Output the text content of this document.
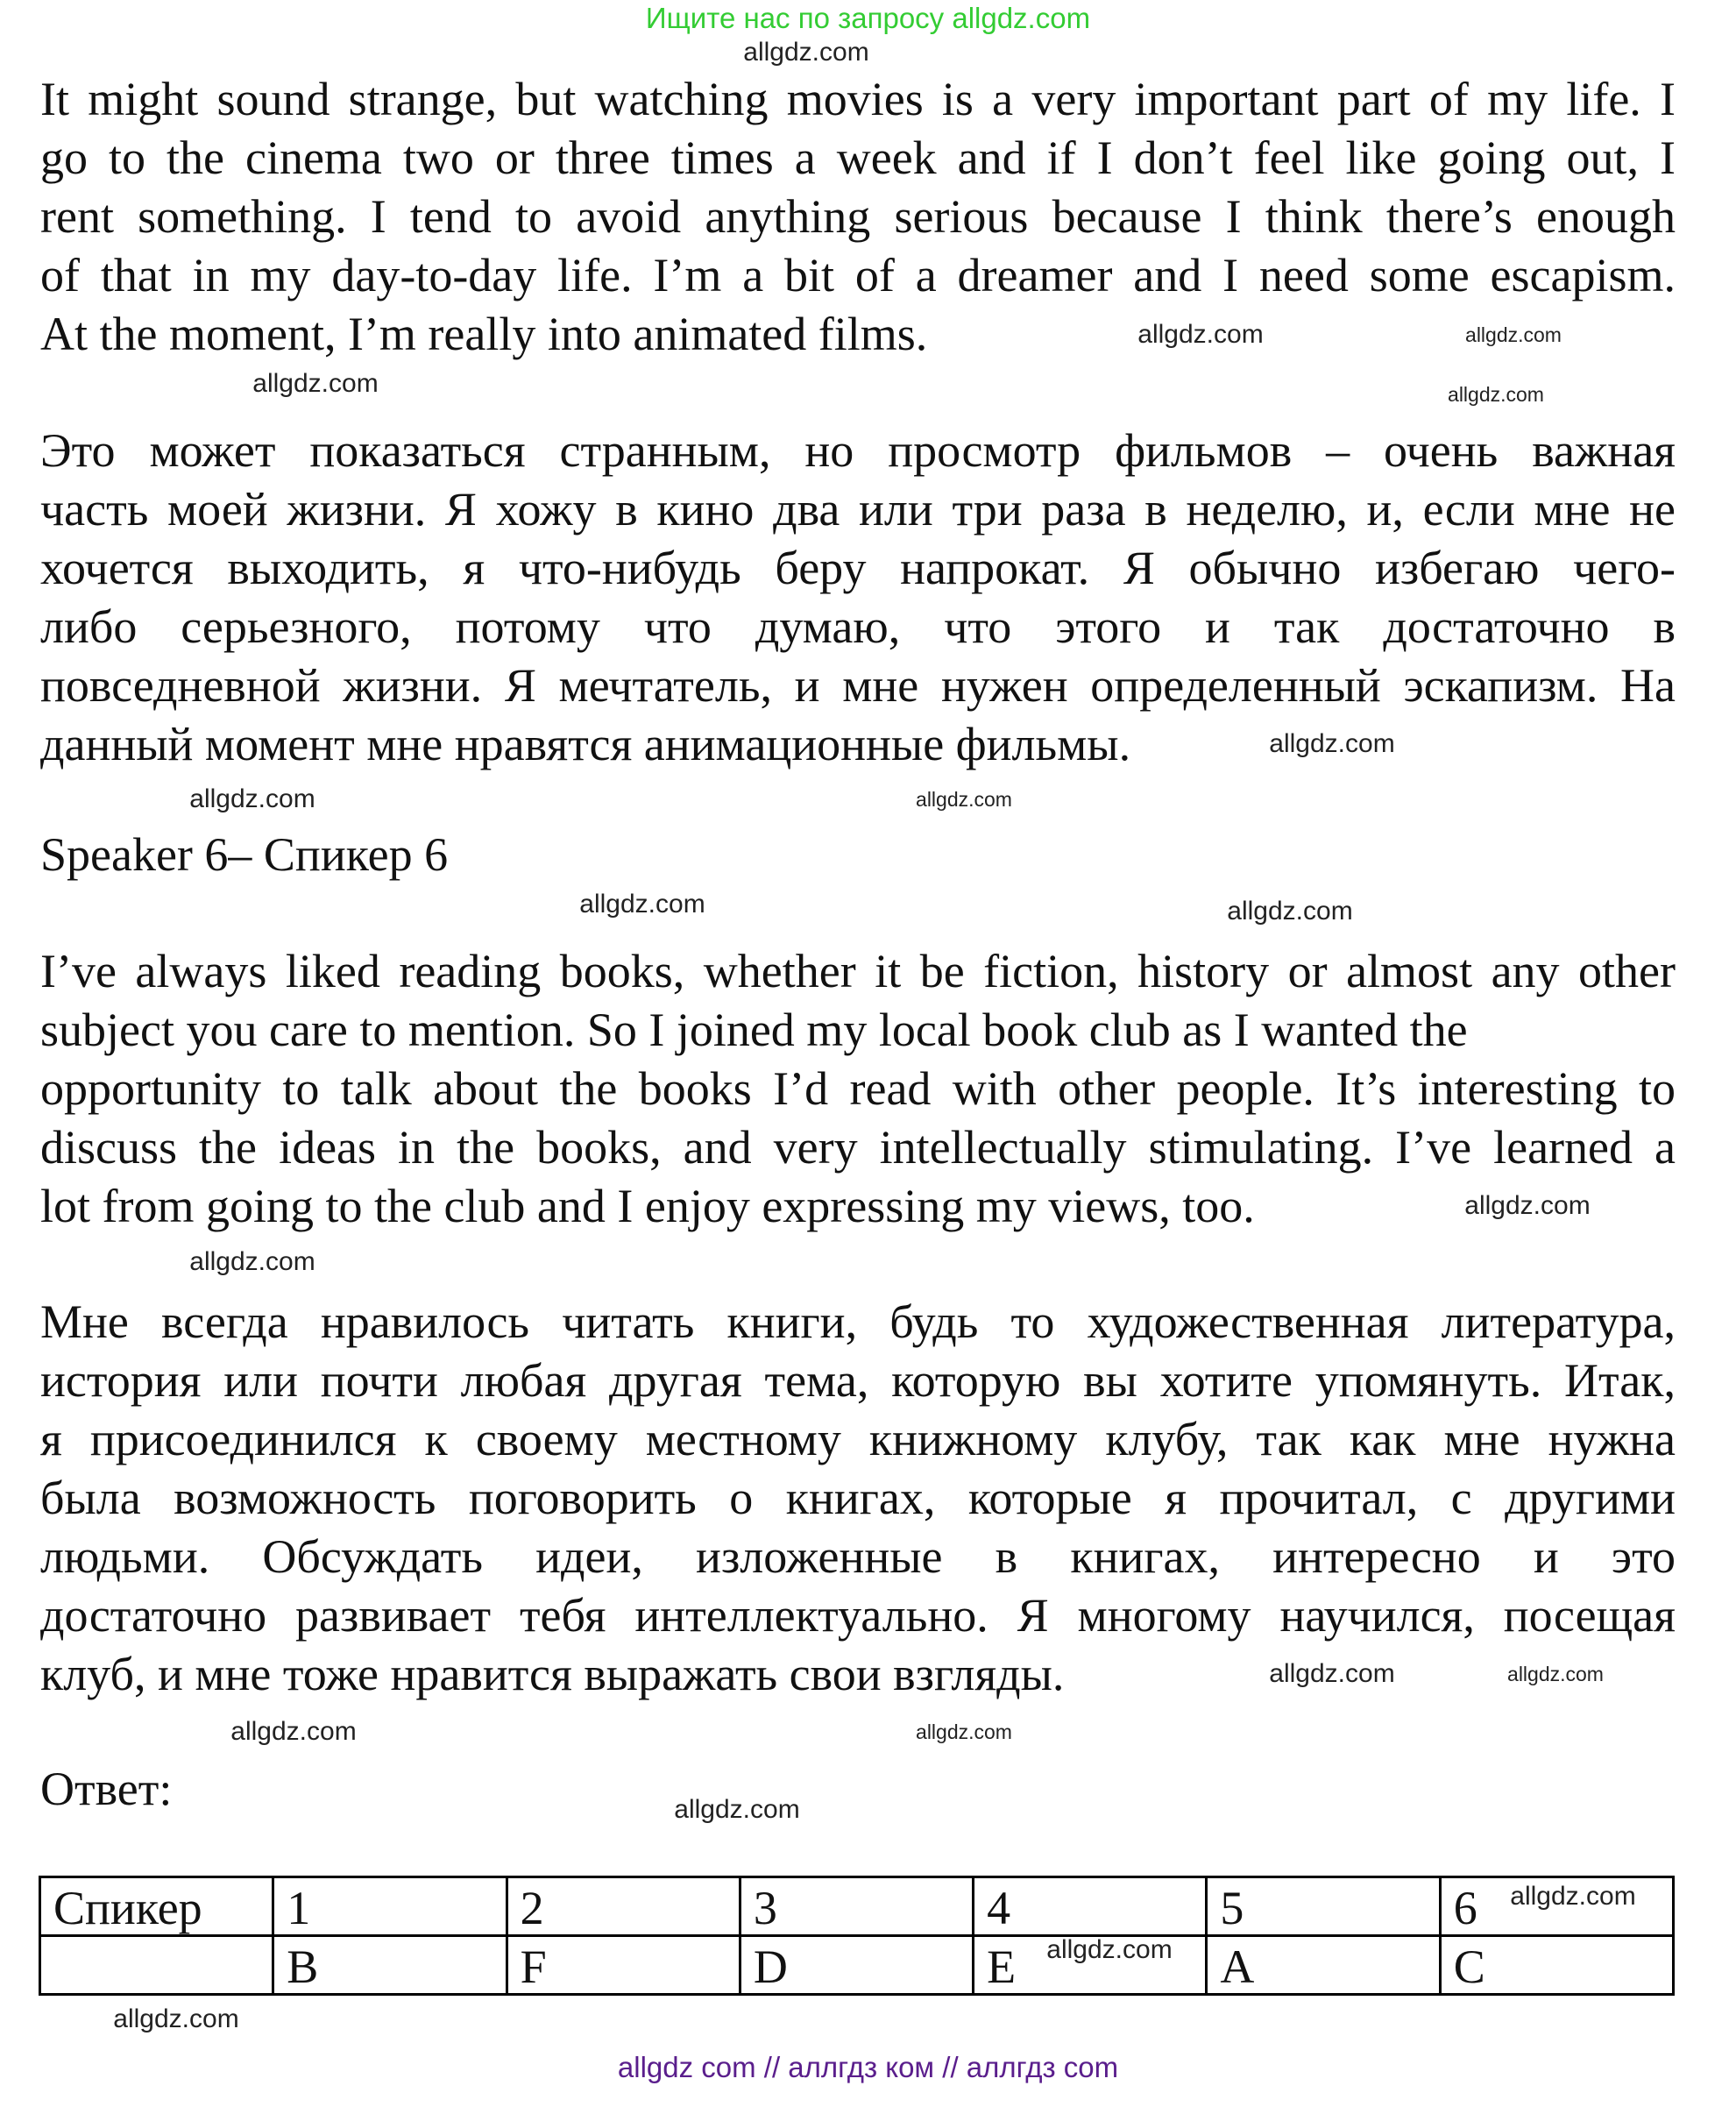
Ищите нас по запросу allgdz.com
It might sound strange, but watching movies is a very important part of my life. I
go to the cinema two or three times a week and if I don’t feel like going out, I
rent something. I tend to avoid anything serious because I think there’s enough
of that in my day-to-day life. I’m a bit of a dreamer and I need some escapism.
At the moment, I’m really into animated films.
Это может показаться странным, но просмотр фильмов – очень важная
часть моей жизни. Я хожу в кино два или три раза в неделю, и, если мне не
хочется выходить, я что-нибудь беру напрокат. Я обычно избегаю чего-
либо серьезного, потому что думаю, что этого и так достаточно в
повседневной жизни. Я мечтатель, и мне нужен определенный эскапизм. На
данный момент мне нравятся анимационные фильмы.
Speaker 6– Спикер 6
I’ve always liked reading books, whether it be fiction, history or almost any other
subject you care to mention. So I joined my local book club as I wanted the
opportunity to talk about the books I’d read with other people. It’s interesting to
discuss the ideas in the books, and very intellectually stimulating. I’ve learned a
lot from going to the club and I enjoy expressing my views, too.
Мне всегда нравилось читать книги, будь то художественная литература,
история или почти любая другая тема, которую вы хотите упомянуть. Итак,
я присоединился к своему местному книжному клубу, так как мне нужна
была возможность поговорить о книгах, которые я прочитал, с другими
людьми. Обсуждать идеи, изложенные в книгах, интересно и это
достаточно развивает тебя интеллектуально. Я многому научился, посещая
клуб, и мне тоже нравится выражать свои взгляды.
Ответ:
Спикер	1	2	3	4	5	6
	B	F	D	E	A	C
allgdz.com
allgdz.com
allgdz.com
allgdz.com	allgdz.com
allgdz.com
allgdz.com
allgdz.com
allgdz.com	allgdz.com
allgdz.com
allgdz.com
allgdz.com
allgdz.com
allgdz.com
allgdz.com
allgdz.com
allgdz.com
allgdz.com
allgdz.com
allgdz com // аллгдз ком // аллгдз com
